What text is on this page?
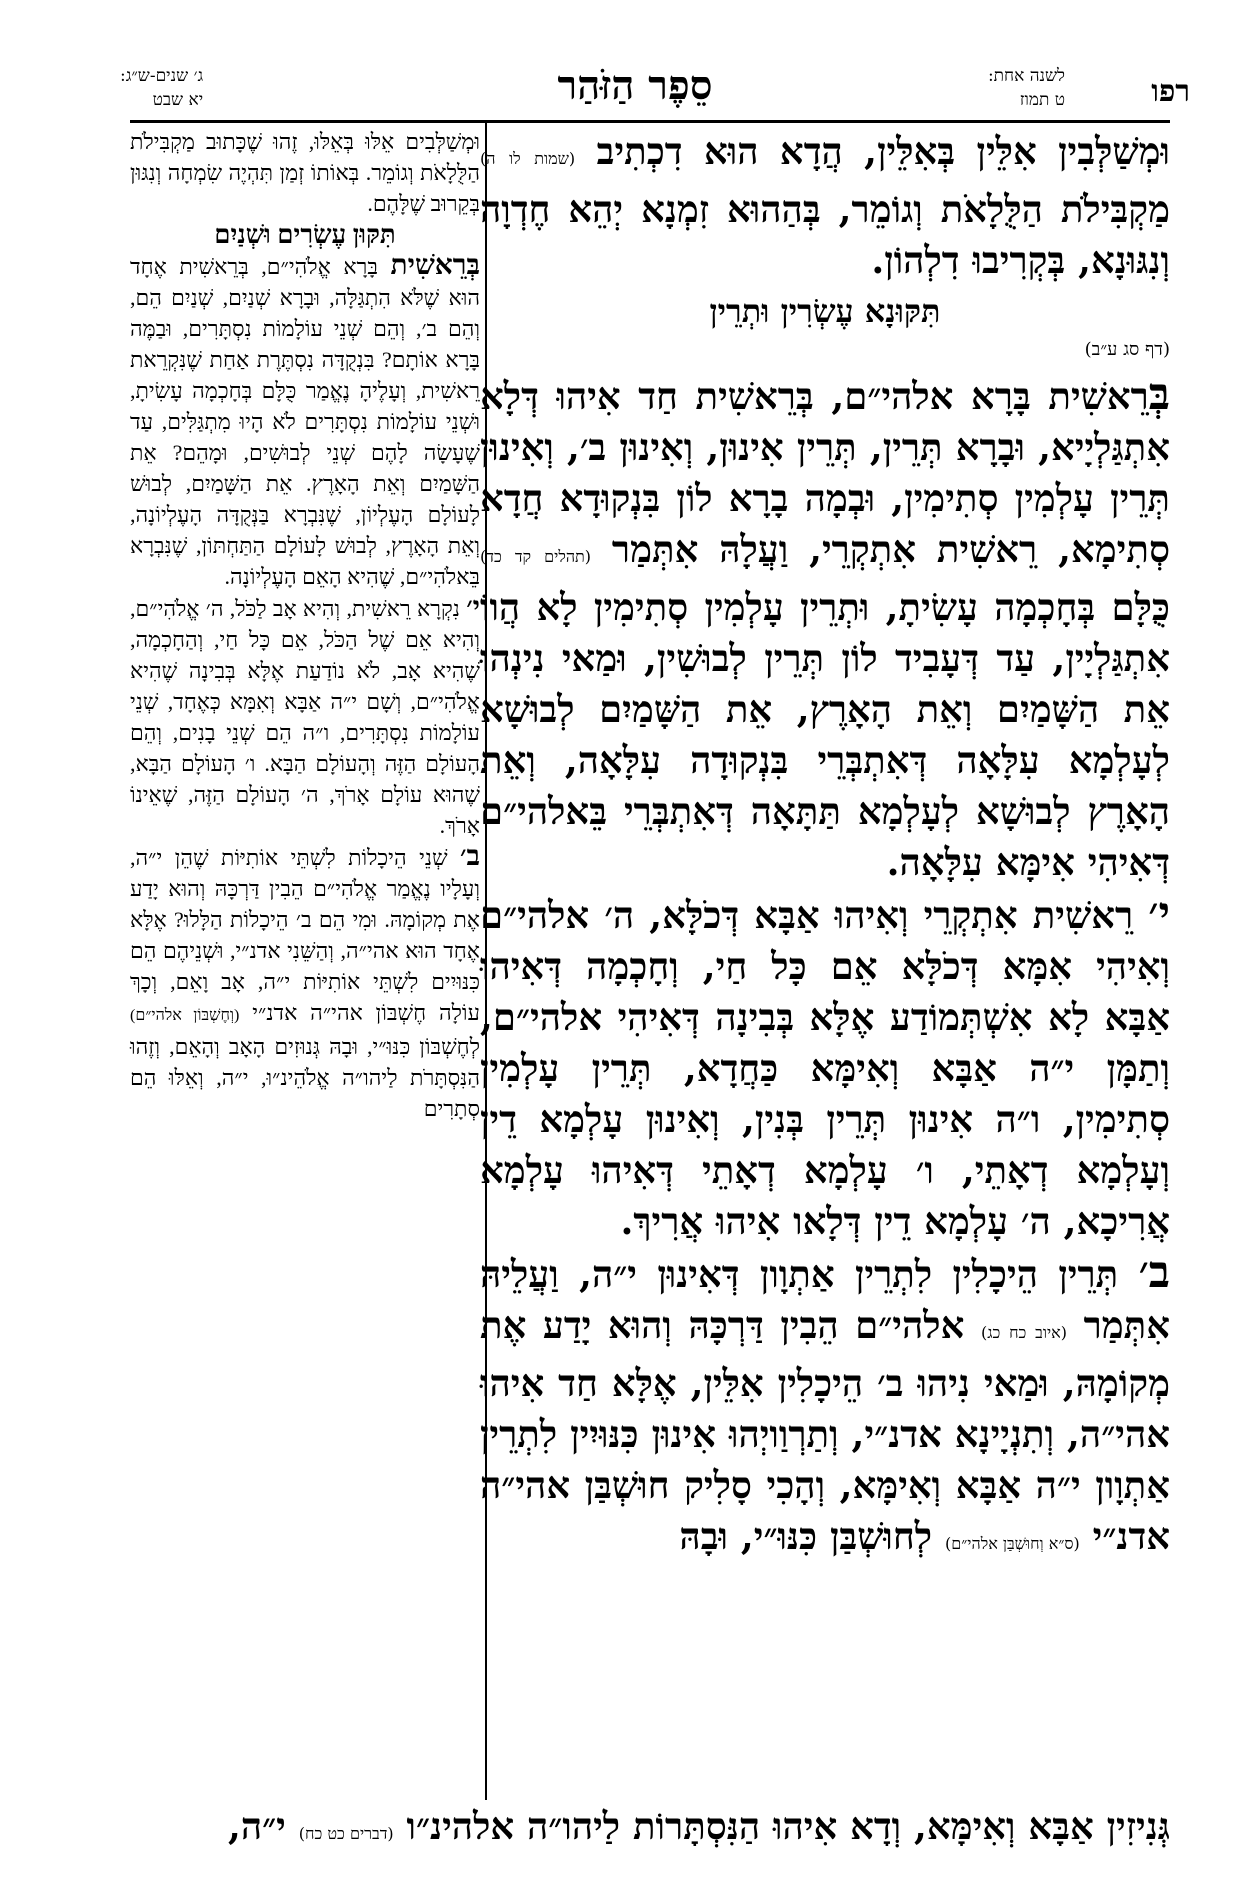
רפו
לשנה אחת:
ט תמוז
סֵפֶר הַזֹּהַר
ג׳ שנים-ש״ג:
יא שבט

וּמְשַׁלְּבִין אִלֵּין בְּאִלֵּין, הֲדָא הוּא דִכְתִיב (שמות לו ה) מַקְבִּילֹת הַלֻּלָאֹת וְגוֹמֵר, בְּהַהוּא זִמְנָא יְהֵא חֶדְוָה וְנִגּוּנָא, בְּקְרִיבוּ דִלְהוֹן.

תִּקּוּנָא עֶשְׂרִין וּתְרֵין

(דף סג ע״ב)

בְּרֵאשִׁית בָּרָא אלהי״ם, בְּרֵאשִׁית חַד אִיהוּ דְּלָא אִתְגַּלְיָיא, וּבָרָא תְּרֵין, תְּרֵין אִינוּן, וְאִינוּן ב׳, וְאִינוּן תְּרֵין עָלְמִין סְתִימִין, וּבְמָה בָרָא לוֹן בִּנְקוּדָא חֲדָא סְתִימָא, רֵאשִׁית אִתְקְרֵי, וַעֲלָהּ אִתְּמַר (תהלים קד כד) כֻּלָּם בְּחָכְמָה עָשִׂיתָ, וּתְרֵין עָלְמִין סְתִימִין לָא הֲווֹ אִתְגַּלְיָין, עַד דְּעָבִיד לוֹן תְּרֵין לְבוּשִׁין, וּמַאי נִינְהוּ אֵת הַשָּׁמַיִם וְאֵת הָאָרֶץ, אֵת הַשָּׁמַיִם לְבוּשָׁא לְעָלְמָא עִלָּאָה דְּאִתְבְּרֵי בִּנְקוּדָה עִלָּאָה, וְאֵת הָאָרֶץ לְבוּשָׁא לְעָלְמָא תַּתָּאָה דְּאִתְבְּרֵי בֵּאלהי״ם דְּאִיהִי אִימָּא עִלָּאָה.

י׳ רֵאשִׁית אִתְקְרֵי וְאִיהוּ אַבָּא דְּכֹלָּא, ה׳ אלהי״ם וְאִיהִי אִמָּא דְּכֹלָּא אֵם כָּל חַי, וְחָכְמָה דְּאִיהוּ אַבָּא לָא אִשְׁתְּמוֹדַע אֶלָּא בְּבִינָה דְּאִיהִי אלהי״ם, וְתַמָּן י״ה אַבָּא וְאִימָּא כַּחֲדָא, תְּרֵין עָלְמִין סְתִימִין, ו״ה אִינוּן תְּרֵין בְּנִין, וְאִינוּן עָלְמָא דֵין וְעָלְמָא דְאָתֵי, ו׳ עָלְמָא דְאָתֵי דְּאִיהוּ עָלְמָא אֲרִיכָא, ה׳ עָלְמָא דֵין דְּלָאו אִיהוּ אֲרִיךְ.

ב׳ תְּרֵין הֵיכָלִין לִתְרֵין אַתְוָון דְּאִינוּן י״ה, וַעֲלֵיהּ אִתְּמַר (איוב כח כג) אלהי״ם הֵבִין דַּרְכָּהּ וְהוּא יָדַע אֶת מְקוֹמָהּ, וּמַאי נִיהוּ ב׳ הֵיכָלִין אִלֵּין, אֶלָּא חַד אִיהוּ אהי״ה, וְתִנְיָינָא אדנ״י, וְתַרְוַויְהוּ אִינוּן כִּנּוּיִין לִתְרֵין אַתְוָון י״ה אַבָּא וְאִימָּא, וְהָכִי סָלִיק חוּשְׁבַּן אהי״ה אדנ״י (ס״א וְחוּשְׁבַּן אלהי״ם) לְחוּשְׁבַּן כִּנּוּ״י, וּבָהּ

וּמְשַׁלְּבִים אֵלּוּ בְּאֵלּוּ, זֶהוּ שֶׁכָּתוּב מַקְבִּילֹת הַלֻּלָאֹת וְגוֹמֵר. בְּאוֹתוֹ זְמַן תִּהְיֶה שִׂמְחָה וְנִגּוּן בְּקֵרוּב שֶׁלָּהֶם.

תִּקּוּן עֶשְׂרִים וּשְׁנַיִם

בְּרֵאשִׁית בָּרָא אֱלֹהִי״ם, בְּרֵאשִׁית אֶחָד הוּא שֶׁלֹּא הִתְגַּלָּה, וּבָרָא שְׁנַיִם, שְׁנַיִם הֵם, וְהֵם ב׳, וְהֵם שְׁנֵי עוֹלָמוֹת נִסְתָּרִים, וּבַמֶּה בָּרָא אוֹתָם? בִּנְקֻדָּה נִסְתֶּרֶת אַחַת שֶׁנִּקְרֵאת רֵאשִׁית, וְעָלֶיהָ נֶאֱמַר כֻּלָּם בְּחָכְמָה עָשִׂיתָ, וּשְׁנֵי עוֹלָמוֹת נִסְתָּרִים לֹא הָיוּ מִתְגַּלִּים, עַד שֶׁעָשָׂה לָהֶם שְׁנֵי לְבוּשִׁים, וּמָהֵם? אֵת הַשָּׁמַיִם וְאֵת הָאָרֶץ. אֵת הַשָּׁמַיִם, לְבוּשׁ לָעוֹלָם הָעֶלְיוֹן, שֶׁנִּבְרָא בַּנְּקֻדָּה הָעֶלְיוֹנָה, וְאֵת הָאָרֶץ, לְבוּשׁ לָעוֹלָם הַתַּחְתּוֹן, שֶׁנִּבְרָא בֵּאלֹהִי״ם, שֶׁהִיא הָאֵם הָעֶלְיוֹנָה.

י׳ נִקְרָא רֵאשִׁית, וְהִיא אָב לַכֹּל, ה׳ אֱלֹהִי״ם, וְהִיא אֵם שֶׁל הַכֹּל, אֵם כָּל חַי, וְהַחָכְמָה, שֶׁהִיא אָב, לֹא נוֹדַעַת אֶלָּא בְּבִינָה שֶׁהִיא אֱלֹהִי״ם, וְשָׁם י״ה אַבָּא וְאִמָּא כְּאֶחָד, שְׁנֵי עוֹלָמוֹת נִסְתָּרִים, ו״ה הֵם שְׁנֵי בָנִים, וְהֵם הָעוֹלָם הַזֶּה וְהָעוֹלָם הַבָּא. ו׳ הָעוֹלָם הַבָּא, שֶׁהוּא עוֹלָם אָרֹךְ, ה׳ הָעוֹלָם הַזֶּה, שֶׁאֵינוֹ אָרֹךְ.

ב׳ שְׁנֵי הֵיכָלוֹת לִשְׁתֵּי אוֹתִיּוֹת שֶׁהֵן י״ה, וְעָלָיו נֶאֱמַר אֱלֹהִי״ם הֵבִין דַּרְכָּהּ וְהוּא יָדַע אֶת מְקוֹמָהּ. וּמִי הֵם ב׳ הֵיכָלוֹת הַלָּלוּ? אֶלָּא אֶחָד הוּא אהי״ה, וְהַשֵּׁנִי אדנ״י, וּשְׁנֵיהֶם הֵם כִּנּוּיִים לִשְׁתֵּי אוֹתִיּוֹת י״ה, אָב וָאֵם, וְכָךְ עוֹלָה חֶשְׁבּוֹן אהי״ה אדנ״י (וְחֶשְׁבּוֹן אלהי״ם) לְחֶשְׁבּוֹן כִּנּוּ״י, וּבָהּ גְּנוּזִים הָאָב וְהָאֵם, וְזֶהוּ הַנִּסְתָּרֹת לַיהו״ה אֱלֹהֵינ״וּ, י״ה, וְאֵלּוּ הֵם סְתָרִים

גְּנִיזִין אַבָּא וְאִימָּא, וְדָא אִיהוּ הַנִּסְתָּרוֹת לַיהו״ה אלהינ״ו (דברים כט כח) י״ה,
